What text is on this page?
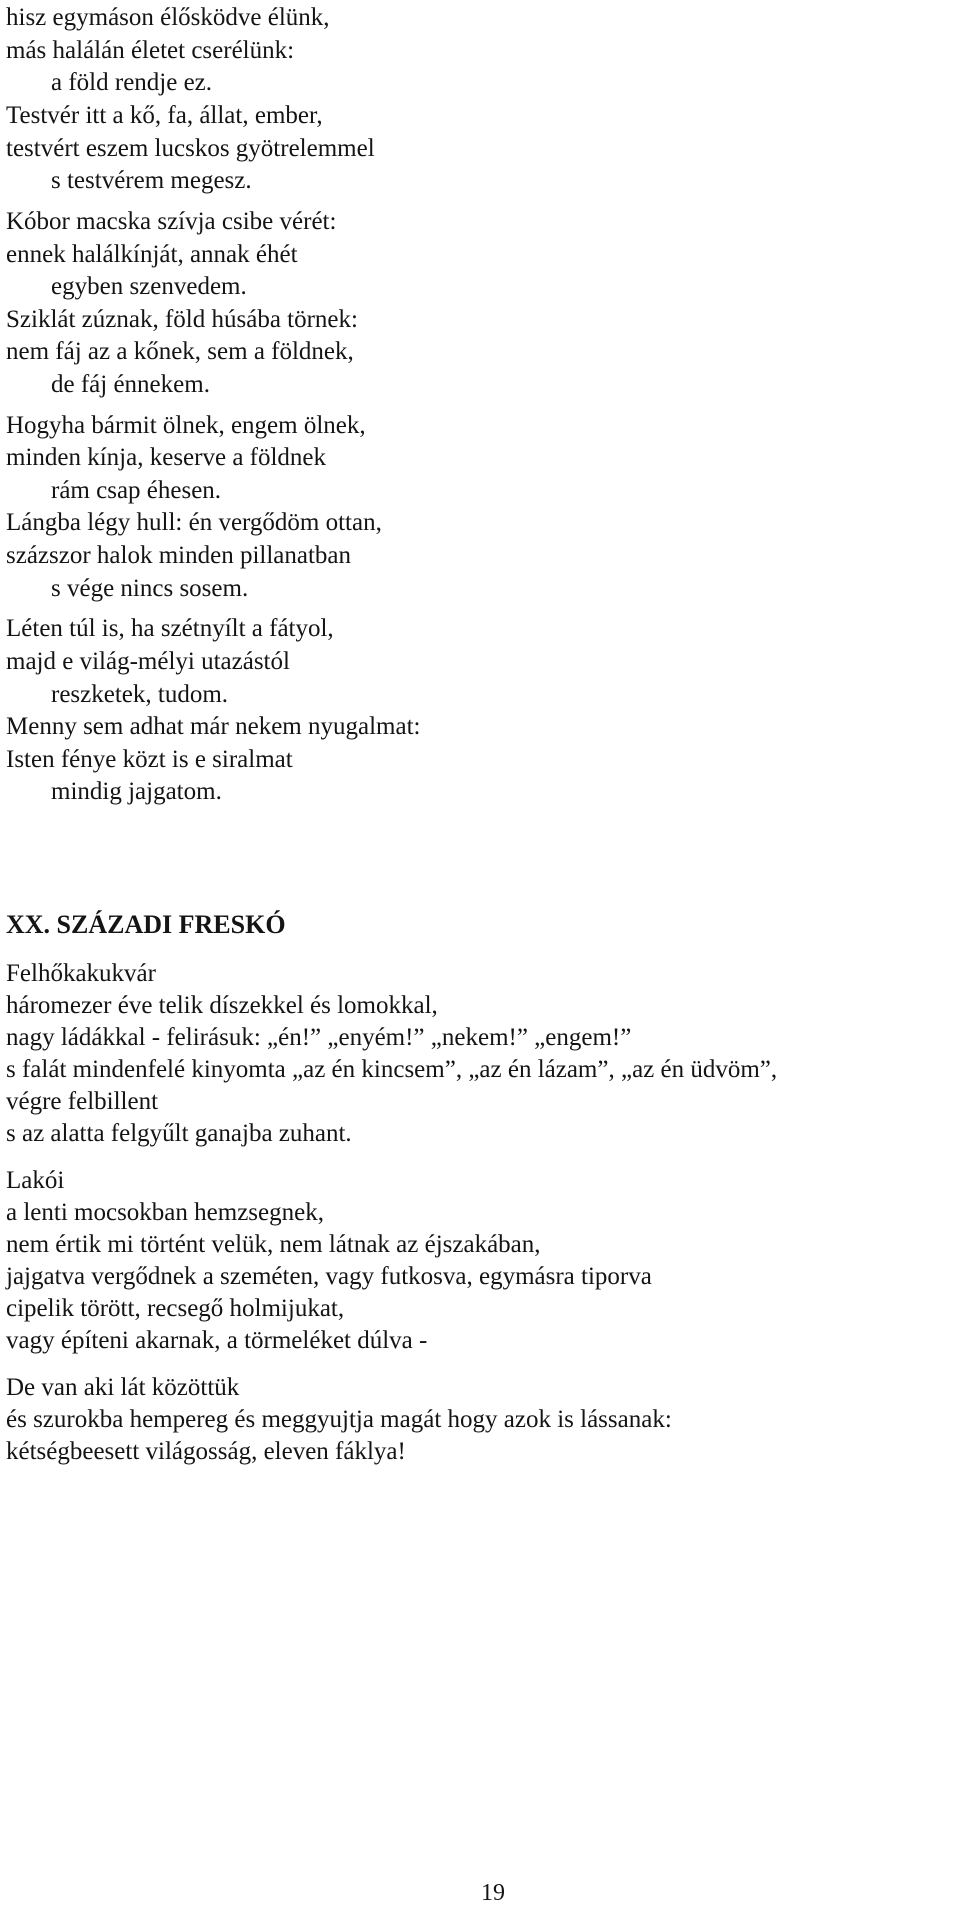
hisz egymáson élősködve élünk,
más halálán életet cserélünk:
a föld rendje ez.
Testvér itt a kő, fa, állat, ember,
testvért eszem lucskos gyötrelemmel
s testvérem megesz.
Kóbor macska szívja csibe vérét:
ennek halálkínját, annak éhét
egyben szenvedem.
Sziklát zúznak, föld húsába törnek:
nem fáj az a kőnek, sem a földnek,
de fáj énnekem.
Hogyha bármit ölnek, engem ölnek,
minden kínja, keserve a földnek
rám csap éhesen.
Lángba légy hull: én vergődöm ottan,
százszor halok minden pillanatban
s vége nincs sosem.
Léten túl is, ha szétnyílt a fátyol,
majd e világ-mélyi utazástól
reszketek, tudom.
Menny sem adhat már nekem nyugalmat:
Isten fénye közt is e siralmat
mindig jajgatom.
XX. SZÁZADI FRESKÓ
Felhőkakukvár
háromezer éve telik díszekkel és lomokkal,
nagy ládákkal - felirásuk: „én!” „enyém!” „nekem!” „engem!”
s falát mindenfelé kinyomta „az én kincsem”, „az én lázam”, „az én üdvöm”,
végre felbillent
s az alatta felgyűlt ganajba zuhant.
Lakói
a lenti mocsokban hemzsegnek,
nem értik mi történt velük, nem látnak az éjszakában,
jajgatva vergődnek a szeméten, vagy futkosva, egymásra tiporva
cipelik törött, recsegő holmijukat,
vagy építeni akarnak, a törmeléket dúlva -
De van aki lát közöttük
és szurokba hempereg és meggyujtja magát hogy azok is lássanak:
kétségbeesett világosság, eleven fáklya!
19
